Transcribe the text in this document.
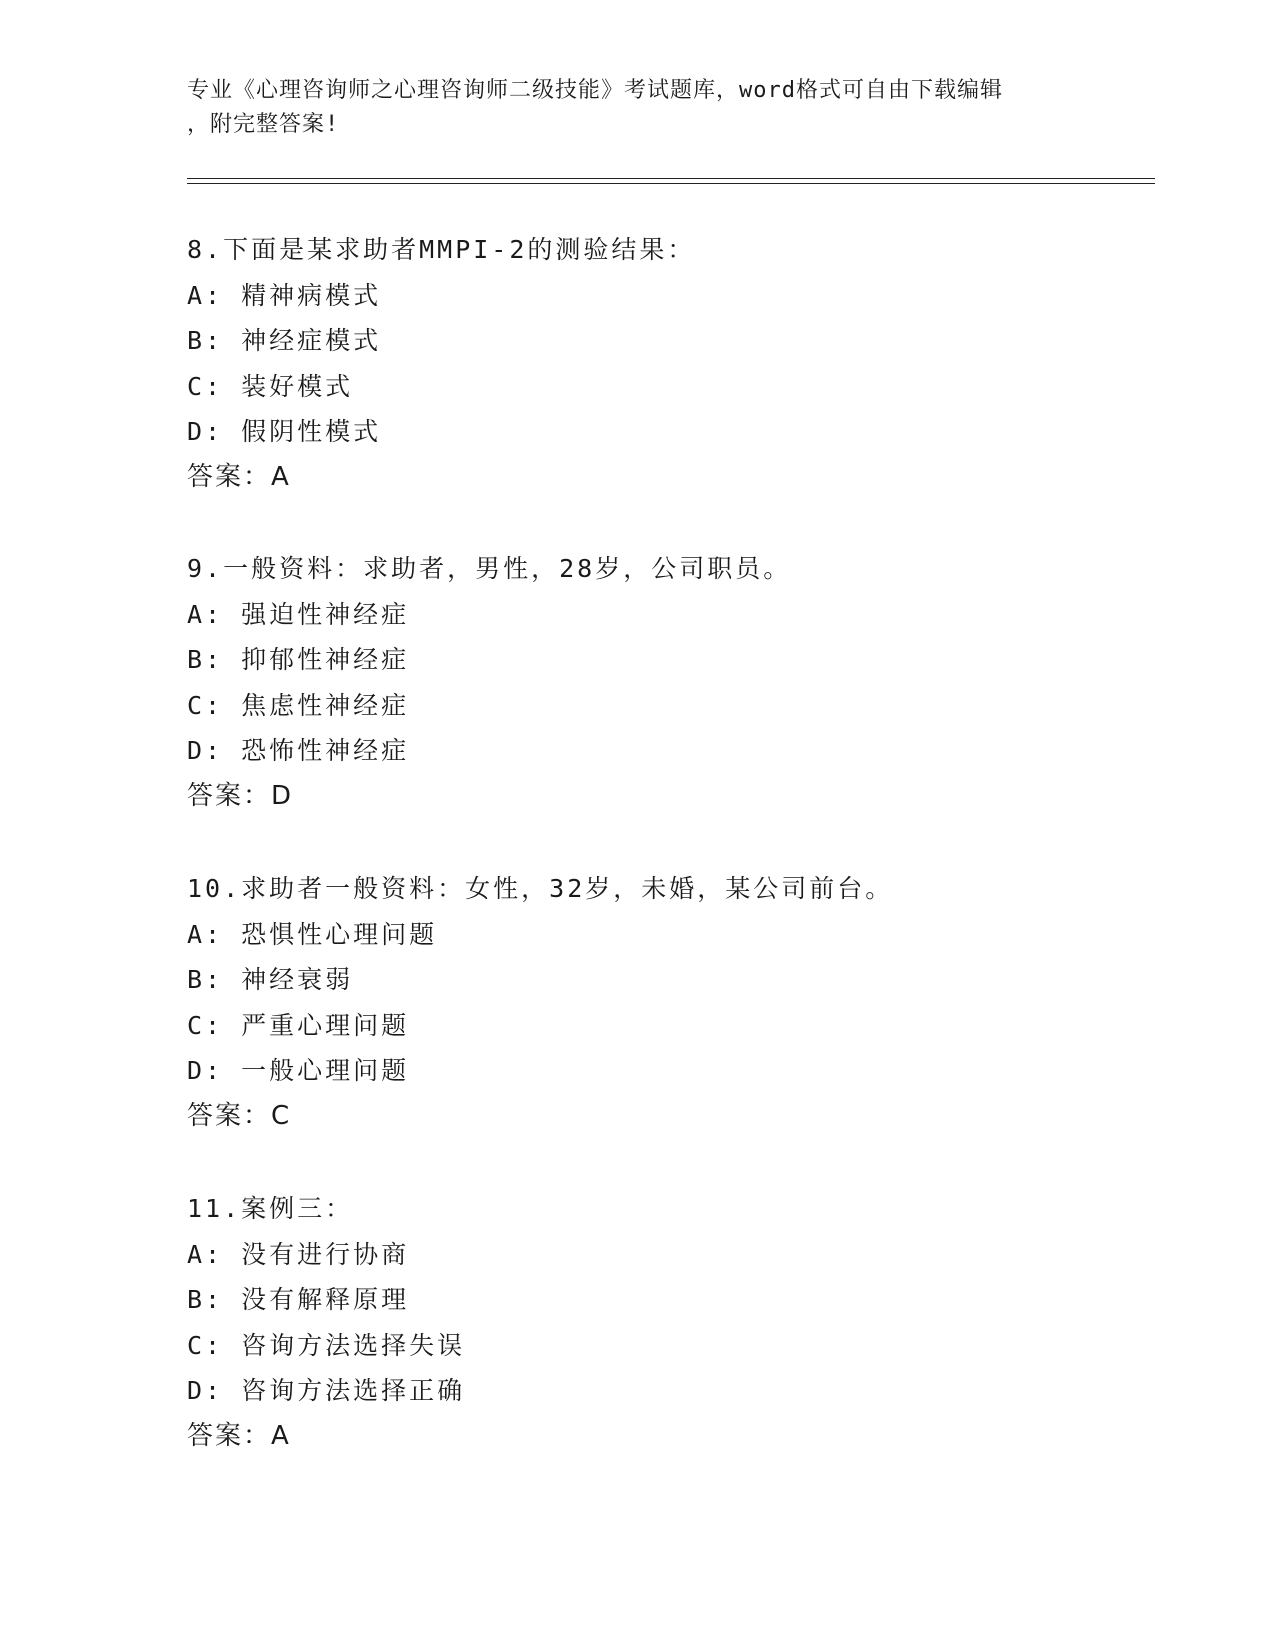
专业《心理咨询师之心理咨询师二级技能》考试题库，word格式可自由下载编辑
，附完整答案!
8.下面是某求助者MMPI-2的测验结果：
A: 精神病模式
B: 神经症模式
C: 装好模式
D: 假阴性模式
答案：A
9.一般资料：求助者，男性，28岁，公司职员。
A: 强迫性神经症
B: 抑郁性神经症
C: 焦虑性神经症
D: 恐怖性神经症
答案：D
10.求助者一般资料：女性，32岁，未婚，某公司前台。
A: 恐惧性心理问题
B: 神经衰弱
C: 严重心理问题
D: 一般心理问题
答案：C
11.案例三：
A: 没有进行协商
B: 没有解释原理
C: 咨询方法选择失误
D: 咨询方法选择正确
答案：A
